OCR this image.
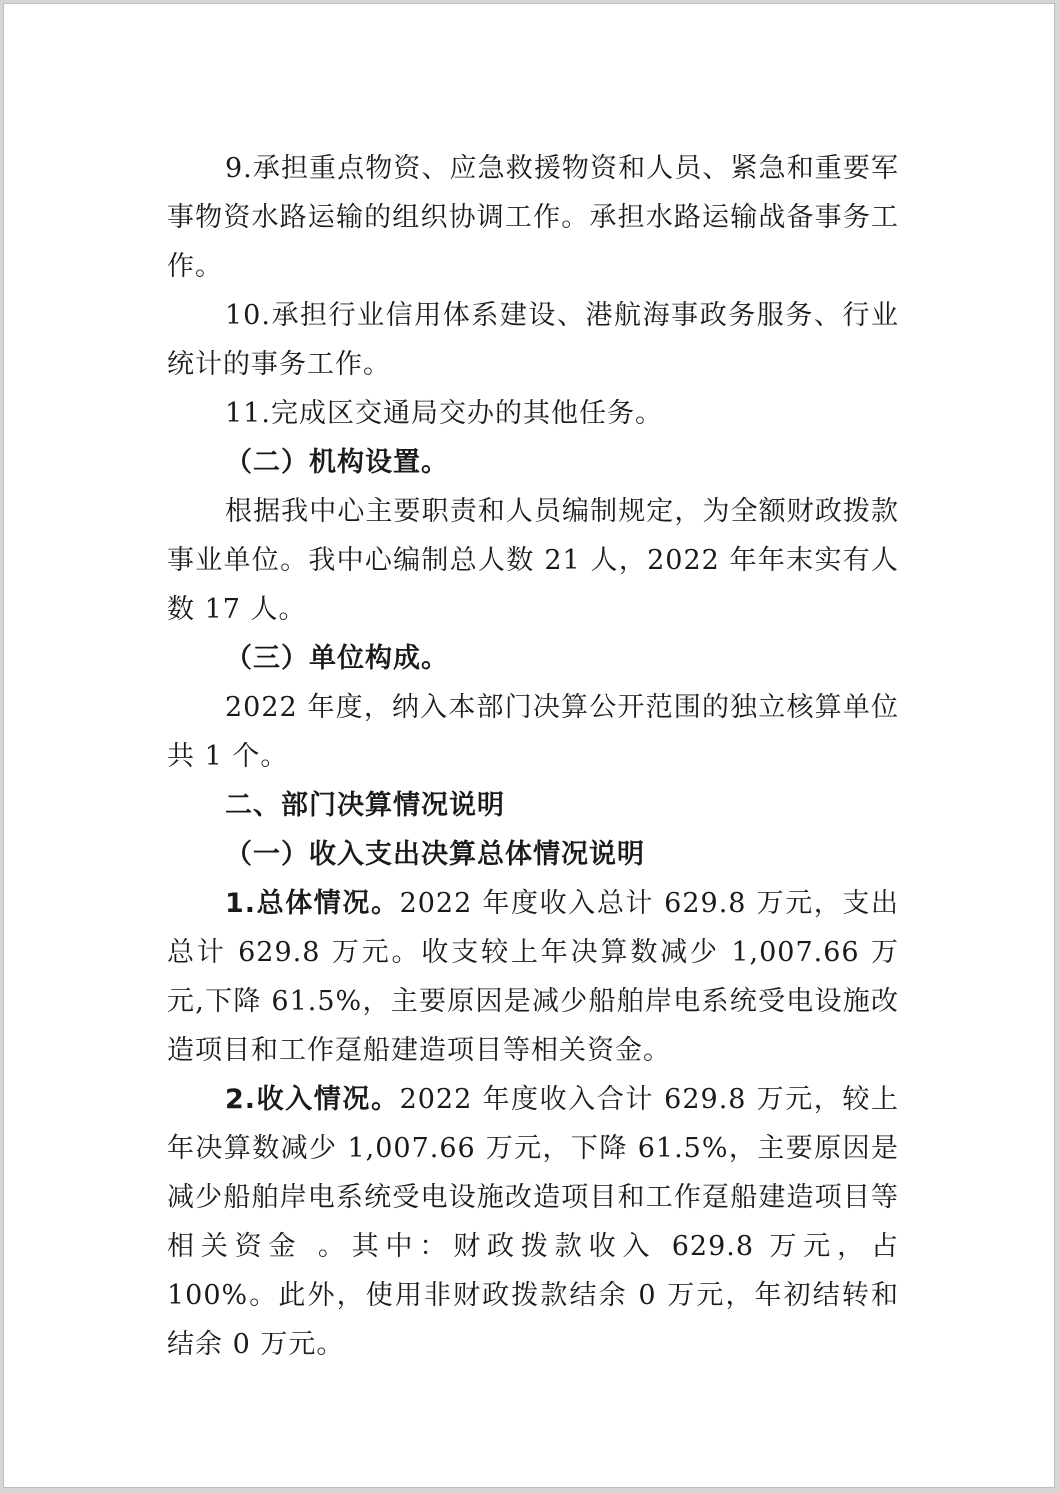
9.承担重点物资、应急救援物资和人员、紧急和重要军事物资水路运输的组织协调工作。承担水路运输战备事务工作。

10.承担行业信用体系建设、港航海事政务服务、行业统计的事务工作。

11.完成区交通局交办的其他任务。

（二）机构设置。

根据我中心主要职责和人员编制规定，为全额财政拨款事业单位。我中心编制总人数 21 人，2022 年年末实有人数 17 人。

（三）单位构成。

2022 年度，纳入本部门决算公开范围的独立核算单位共 1 个。

二、部门决算情况说明

（一）收入支出决算总体情况说明

1.总体情况。2022 年度收入总计 629.8 万元，支出总计 629.8 万元。收支较上年决算数减少 1,007.66 万元,下降 61.5%，主要原因是减少船舶岸电系统受电设施改造项目和工作趸船建造项目等相关资金。

2.收入情况。2022 年度收入合计 629.8 万元，较上年决算数减少 1,007.66 万元，下降 61.5%，主要原因是减少船舶岸电系统受电设施改造项目和工作趸船建造项目等相关资金 。其中：财政拨款收入 629.8 万元，占 100%。此外，使用非财政拨款结余 0 万元，年初结转和结余 0 万元。
